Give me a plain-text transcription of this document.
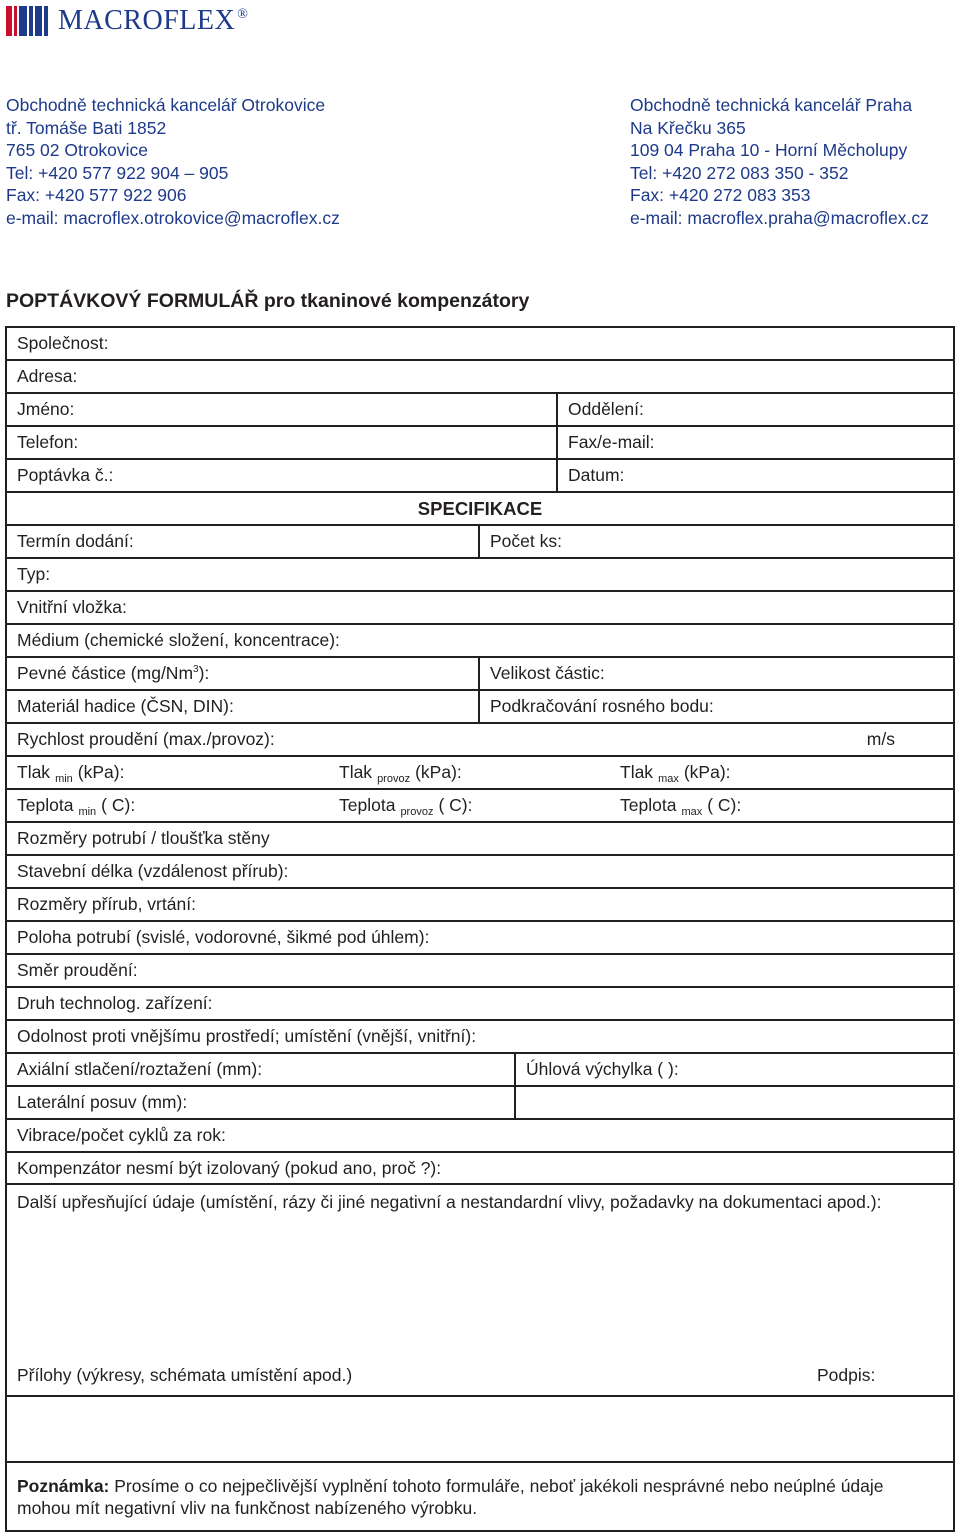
MACROFLEX ®
Obchodně technická kancelář Otrokovice
tř. Tomáše Bati 1852
765 02 Otrokovice
Tel: +420 577 922 904 – 905
Fax: +420 577 922 906
e-mail: macroflex.otrokovice@macroflex.cz
Obchodně technická kancelář Praha
Na Křečku 365
109 04 Praha 10 - Horní Měcholupy
Tel: +420 272 083 350 - 352
Fax: +420 272 083 353
e-mail: macroflex.praha@macroflex.cz
POPTÁVKOVÝ FORMULÁŘ pro tkaninové kompenzátory
Společnost:
Adresa:
Jméno:	Oddělení:
Telefon:	Fax/e-mail:
Poptávka č.:	Datum:
SPECIFIKACE
Termín dodání:	Počet ks:
Typ:
Vnitřní vložka:
Médium (chemické složení, koncentrace):
Pevné částice (mg/Nm$^3$):	Velikost částic:
Materiál hadice (ČSN, DIN):	Podkračování rosného bodu:
Rychlost proudění (max./provoz):	m/s
Tlak min (kPa):	Tlak provoz (kPa):	Tlak max (kPa):
Teplota min ( C):	Teplota provoz ( C):	Teplota max ( C):
Rozměry potrubí / tloušťka stěny
Stavební délka (vzdálenost přírub):
Rozměry přírub, vrtání:
Poloha potrubí (svislé, vodorovné, šikmé pod úhlem):
Směr proudění:
Druh technolog. zařízení:
Odolnost proti vnějšímu prostředí; umístění (vnější, vnitřní):
Axiální stlačení/roztažení (mm):	Úhlová výchylka ( ):
Laterální posuv (mm):
Vibrace/počet cyklů za rok:
Kompenzátor nesmí být izolovaný (pokud ano, proč ?):
Další upřesňující údaje (umístění, rázy či jiné negativní a nestandardní vlivy, požadavky na dokumentaci apod.):
Přílohy (výkresy, schémata umístění apod.)	Podpis:
Poznámka: Prosíme o co nejpečlivější vyplnění tohoto formuláře, neboť jakékoli nesprávné nebo neúplné údaje mohou mít negativní vliv na funkčnost nabízeného výrobku.
